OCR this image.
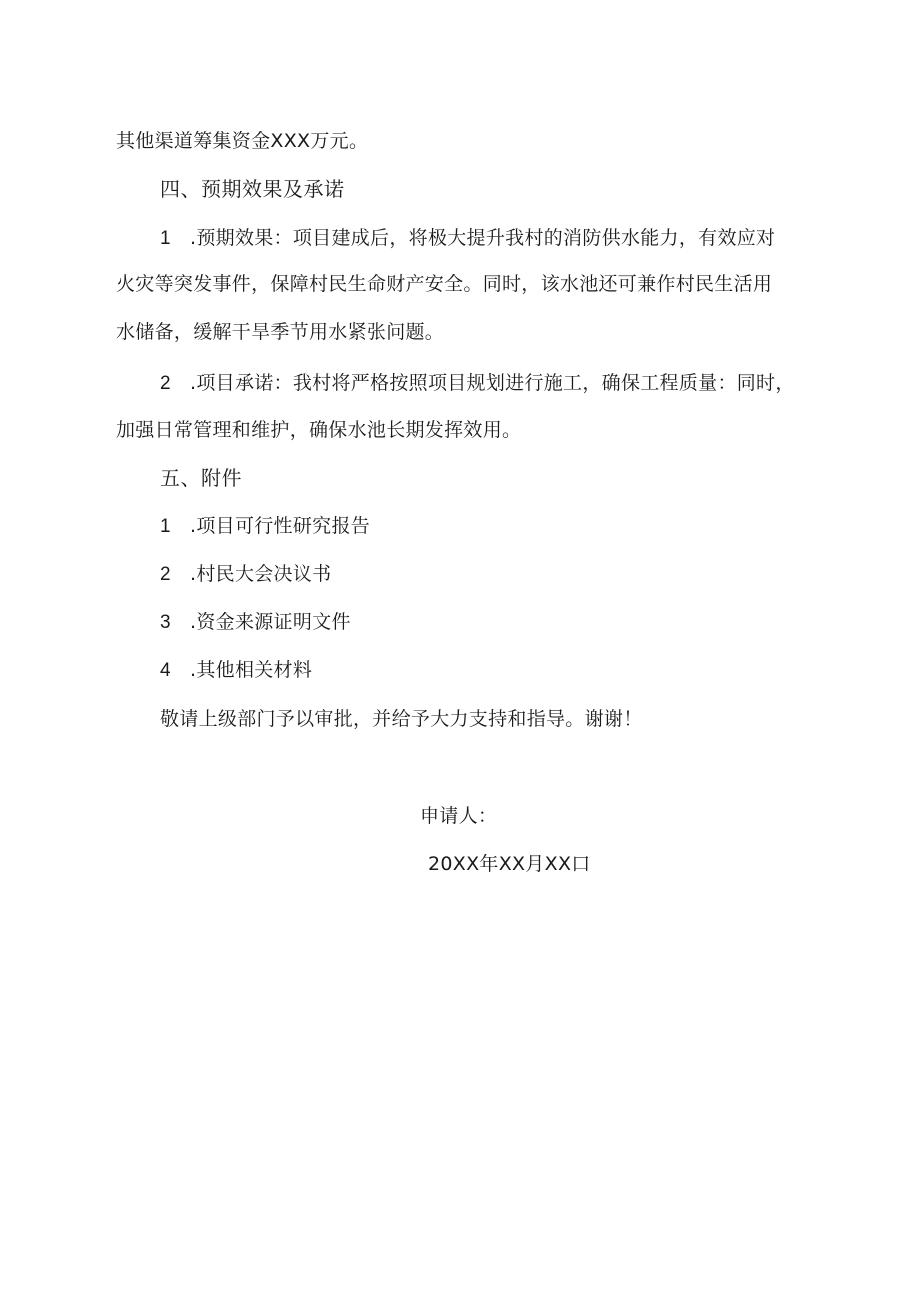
其他渠道筹集资金XXX万元。
四、预期效果及承诺
1 .预期效果：项目建成后，将极大提升我村的消防供水能力，有效应对
火灾等突发事件，保障村民生命财产安全。同时，该水池还可兼作村民生活用
水储备，缓解干旱季节用水紧张问题。
2 .项目承诺：我村将严格按照项目规划进行施工，确保工程质量：同时，
加强日常管理和维护，确保水池长期发挥效用。
五、附件
1 .项目可行性研究报告
2 .村民大会决议书
3 .资金来源证明文件
4 .其他相关材料
敬请上级部门予以审批，并给予大力支持和指导。谢谢！
申请人：
20XX年XX月XX口
